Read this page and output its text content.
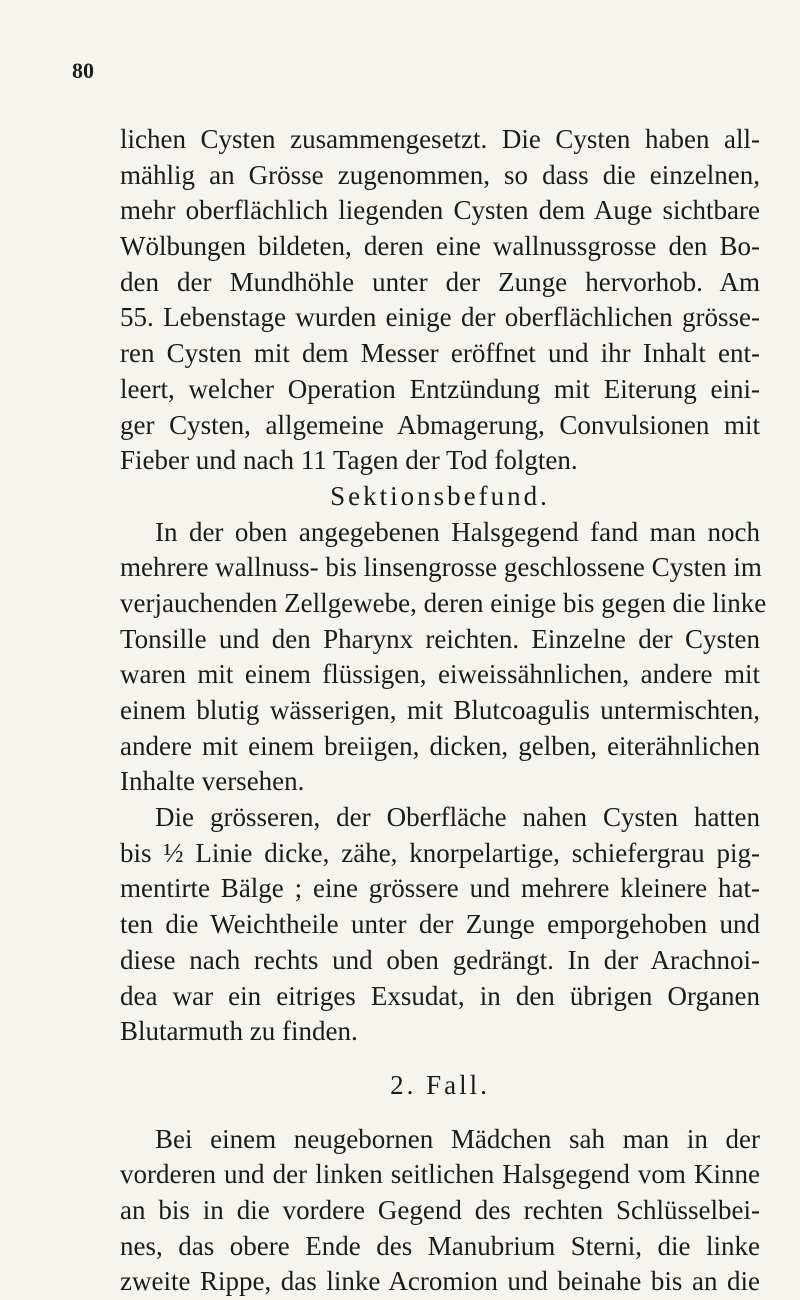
80
lichen Cysten zusammengesetzt. Die Cysten haben all-
mählig an Grösse zugenommen, so dass die einzelnen,
mehr oberflächlich liegenden Cysten dem Auge sichtbare
Wölbungen bildeten, deren eine wallnussgrosse den Bo-
den der Mundhöhle unter der Zunge hervorhob. Am
55. Lebenstage wurden einige der oberflächlichen grösse-
ren Cysten mit dem Messer eröffnet und ihr Inhalt ent-
leert, welcher Operation Entzündung mit Eiterung eini-
ger Cysten, allgemeine Abmagerung, Convulsionen mit
Fieber und nach 11 Tagen der Tod folgten.
Sektionsbefund.
In der oben angegebenen Halsgegend fand man noch
mehrere wallnuss- bis linsengrosse geschlossene Cysten im
verjauchenden Zellgewebe, deren einige bis gegen die linke
Tonsille und den Pharynx reichten. Einzelne der Cysten
waren mit einem flüssigen, eiweissähnlichen, andere mit
einem blutig wässerigen, mit Blutcoagulis untermischten,
andere mit einem breiigen, dicken, gelben, eiterähnlichen
Inhalte versehen.
Die grösseren, der Oberfläche nahen Cysten hatten
bis ½ Linie dicke, zähe, knorpelartige, schiefergrau pig-
mentirte Bälge ; eine grössere und mehrere kleinere hat-
ten die Weichtheile unter der Zunge emporgehoben und
diese nach rechts und oben gedrängt. In der Arachnoi-
dea war ein eitriges Exsudat, in den übrigen Organen
Blutarmuth zu finden.
2. Fall.
Bei einem neugebornen Mädchen sah man in der
vorderen und der linken seitlichen Halsgegend vom Kinne
an bis in die vordere Gegend des rechten Schlüsselbei-
nes, das obere Ende des Manubrium Sterni, die linke
zweite Rippe, das linke Acromion und beinahe bis an die
